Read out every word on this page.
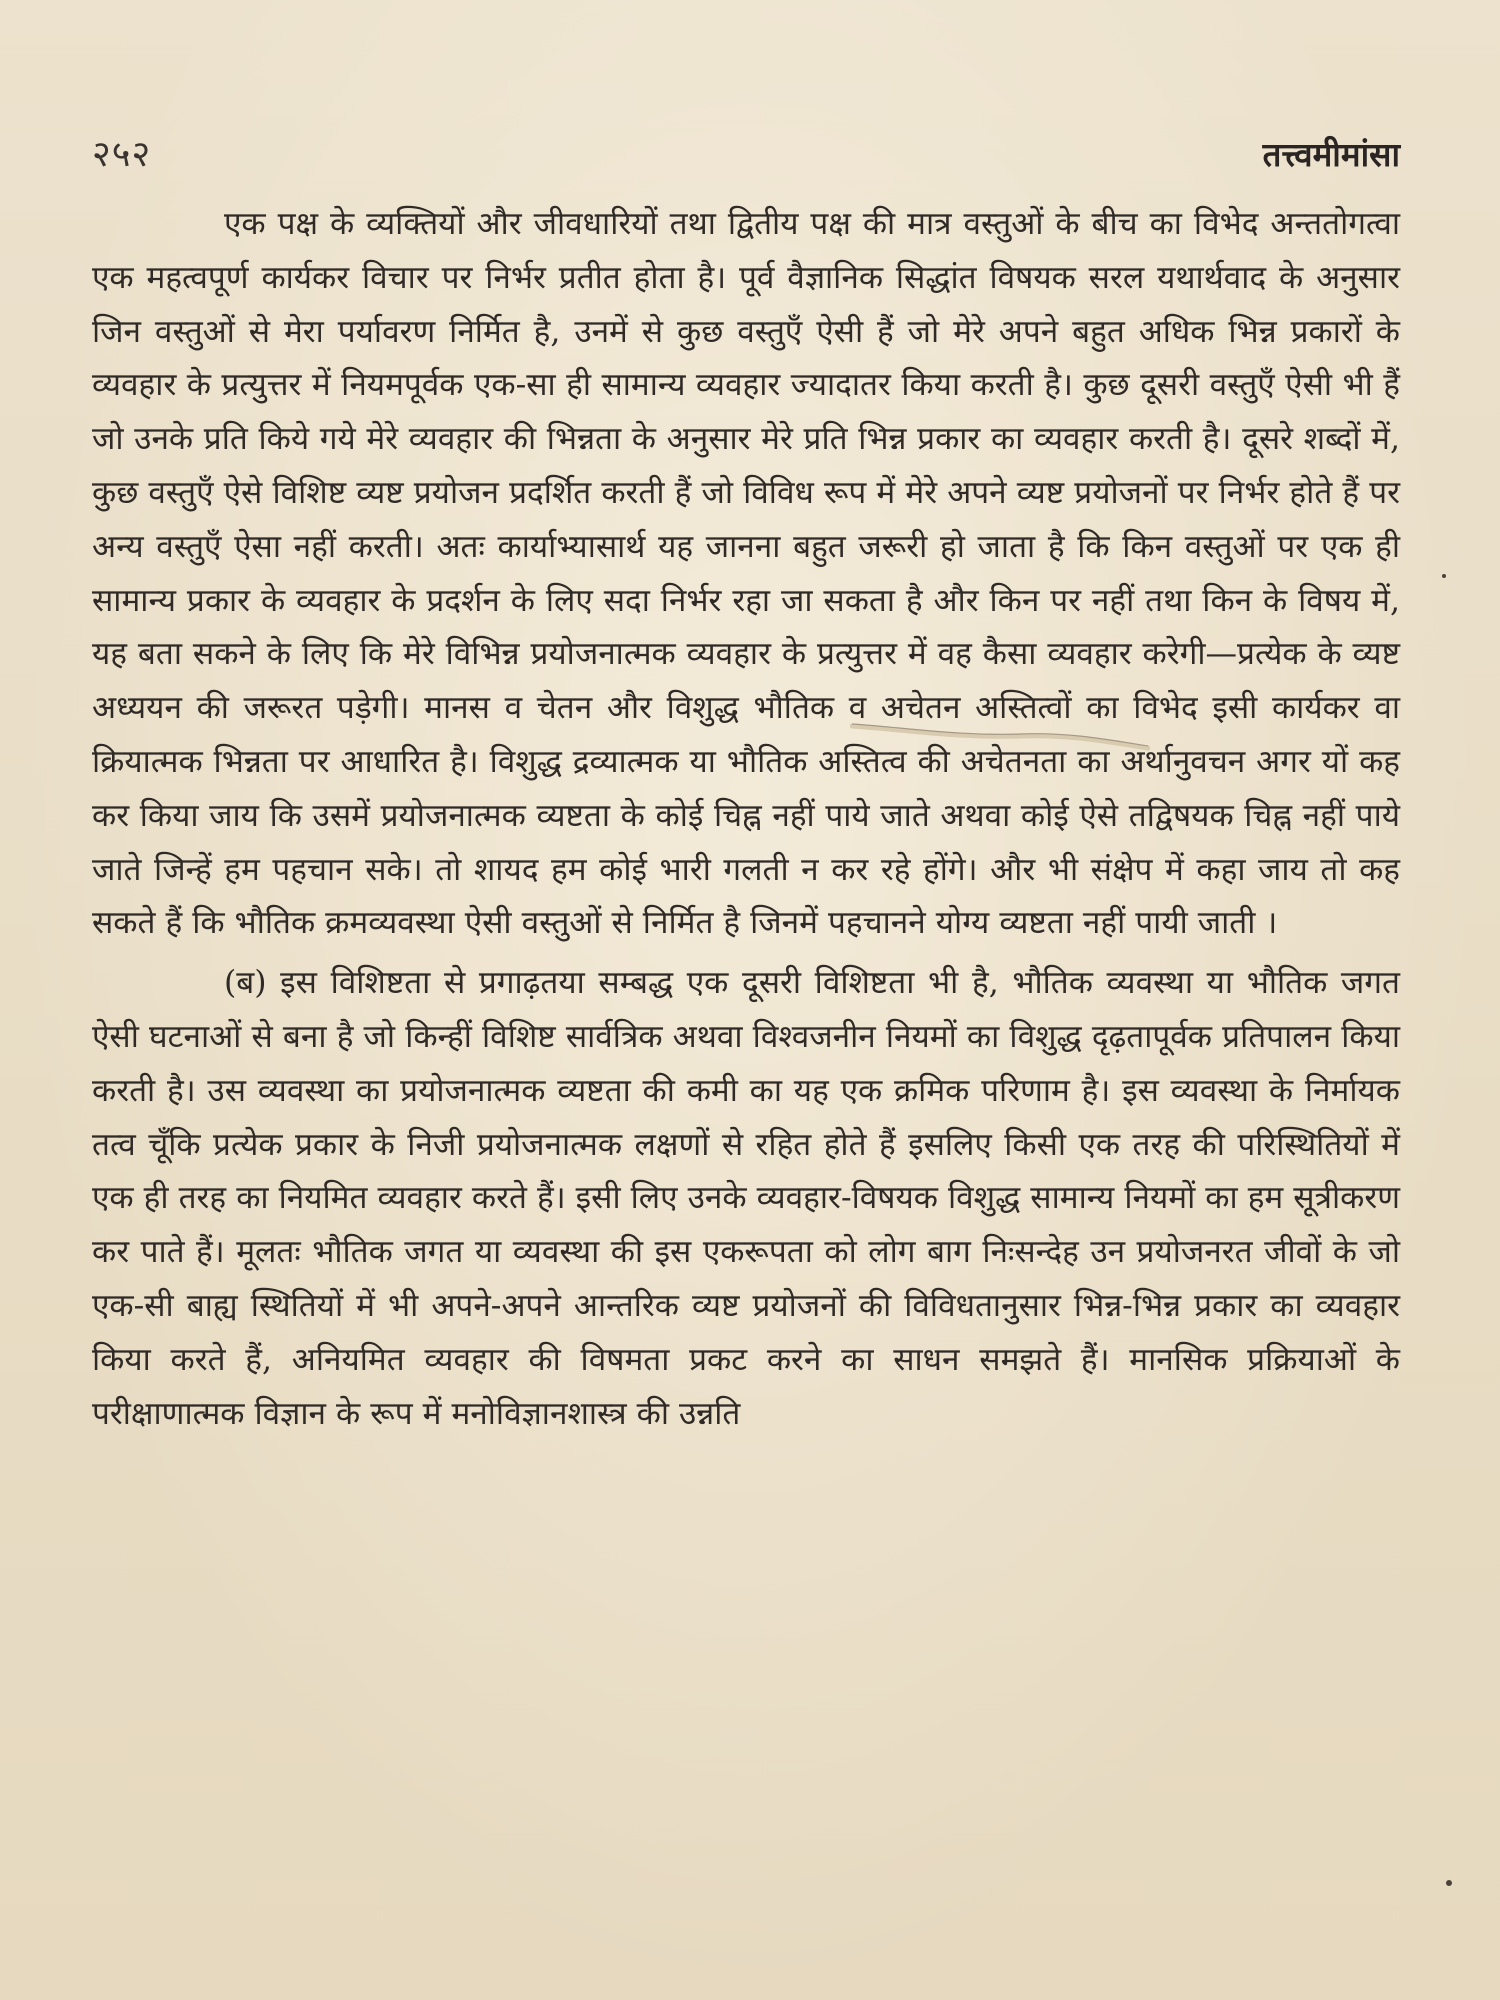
२५२	तत्त्वमीमांसा

एक पक्ष के व्यक्तियों और जीवधारियों तथा द्वितीय पक्ष की मात्र वस्तुओं के बीच का विभेद अन्ततोगत्वा एक महत्वपूर्ण कार्यकर विचार पर निर्भर प्रतीत होता है। पूर्व वैज्ञानिक सिद्धांत विषयक सरल यथार्थवाद के अनुसार जिन वस्तुओं से मेरा पर्यावरण निर्मित है, उनमें से कुछ वस्तुएँ ऐसी हैं जो मेरे अपने बहुत अधिक भिन्न प्रकारों के व्यवहार के प्रत्युत्तर में नियमपूर्वक एक-सा ही सामान्य व्यवहार ज्यादातर किया करती है। कुछ दूसरी वस्तुएँ ऐसी भी हैं जो उनके प्रति किये गये मेरे व्यवहार की भिन्नता के अनुसार मेरे प्रति भिन्न प्रकार का व्यवहार करती है। दूसरे शब्दों में, कुछ वस्तुएँ ऐसे विशिष्ट व्यष्ट प्रयोजन प्रदर्शित करती हैं जो विविध रूप में मेरे अपने व्यष्ट प्रयोजनों पर निर्भर होते हैं पर अन्य वस्तुएँ ऐसा नहीं करती। अतः कार्याभ्यासार्थ यह जानना बहुत जरूरी हो जाता है कि किन वस्तुओं पर एक ही सामान्य प्रकार के व्यवहार के प्रदर्शन के लिए सदा निर्भर रहा जा सकता है और किन पर नहीं तथा किन के विषय में, यह बता सकने के लिए कि मेरे विभिन्न प्रयोजनात्मक व्यवहार के प्रत्युत्तर में वह कैसा व्यवहार करेगी—प्रत्येक के व्यष्ट अध्ययन की जरूरत पड़ेगी। मानस व चेतन और विशुद्ध भौतिक व अचेतन अस्तित्वों का विभेद इसी कार्यकर वा क्रियात्मक भिन्नता पर आधारित है। विशुद्ध द्रव्यात्मक या भौतिक अस्तित्व की अचेतनता का अर्थानुवचन अगर यों कह कर किया जाय कि उसमें प्रयोजनात्मक व्यष्टता के कोई चिह्न नहीं पाये जाते अथवा कोई ऐसे तद्विषयक चिह्न नहीं पाये जाते जिन्हें हम पहचान सके। तो शायद हम कोई भारी गलती न कर रहे होंगे। और भी संक्षेप में कहा जाय तो कह सकते हैं कि भौतिक क्रमव्यवस्था ऐसी वस्तुओं से निर्मित है जिनमें पहचानने योग्य व्यष्टता नहीं पायी जाती ।

(ब) इस विशिष्टता से प्रगाढ़तया सम्बद्ध एक दूसरी विशिष्टता भी है, भौतिक व्यवस्था या भौतिक जगत ऐसी घटनाओं से बना है जो किन्हीं विशिष्ट सार्वत्रिक अथवा विश्वजनीन नियमों का विशुद्ध दृढ़तापूर्वक प्रतिपालन किया करती है। उस व्यवस्था का प्रयोजनात्मक व्यष्टता की कमी का यह एक क्रमिक परिणाम है। इस व्यवस्था के निर्मायक तत्व चूँकि प्रत्येक प्रकार के निजी प्रयोजनात्मक लक्षणों से रहित होते हैं इसलिए किसी एक तरह की परिस्थितियों में एक ही तरह का नियमित व्यवहार करते हैं। इसी लिए उनके व्यवहार-विषयक विशुद्ध सामान्य नियमों का हम सूत्रीकरण कर पाते हैं। मूलतः भौतिक जगत या व्यवस्था की इस एकरूपता को लोग बाग निःसन्देह उन प्रयोजनरत जीवों के जो एक-सी बाह्य स्थितियों में भी अपने-अपने आन्तरिक व्यष्ट प्रयोजनों की विविधतानुसार भिन्न-भिन्न प्रकार का व्यवहार किया करते हैं, अनियमित व्यवहार की विषमता प्रकट करने का साधन समझते हैं। मानसिक प्रक्रियाओं के परीक्षाणात्मक विज्ञान के रूप में मनोविज्ञानशास्त्र की उन्नति
